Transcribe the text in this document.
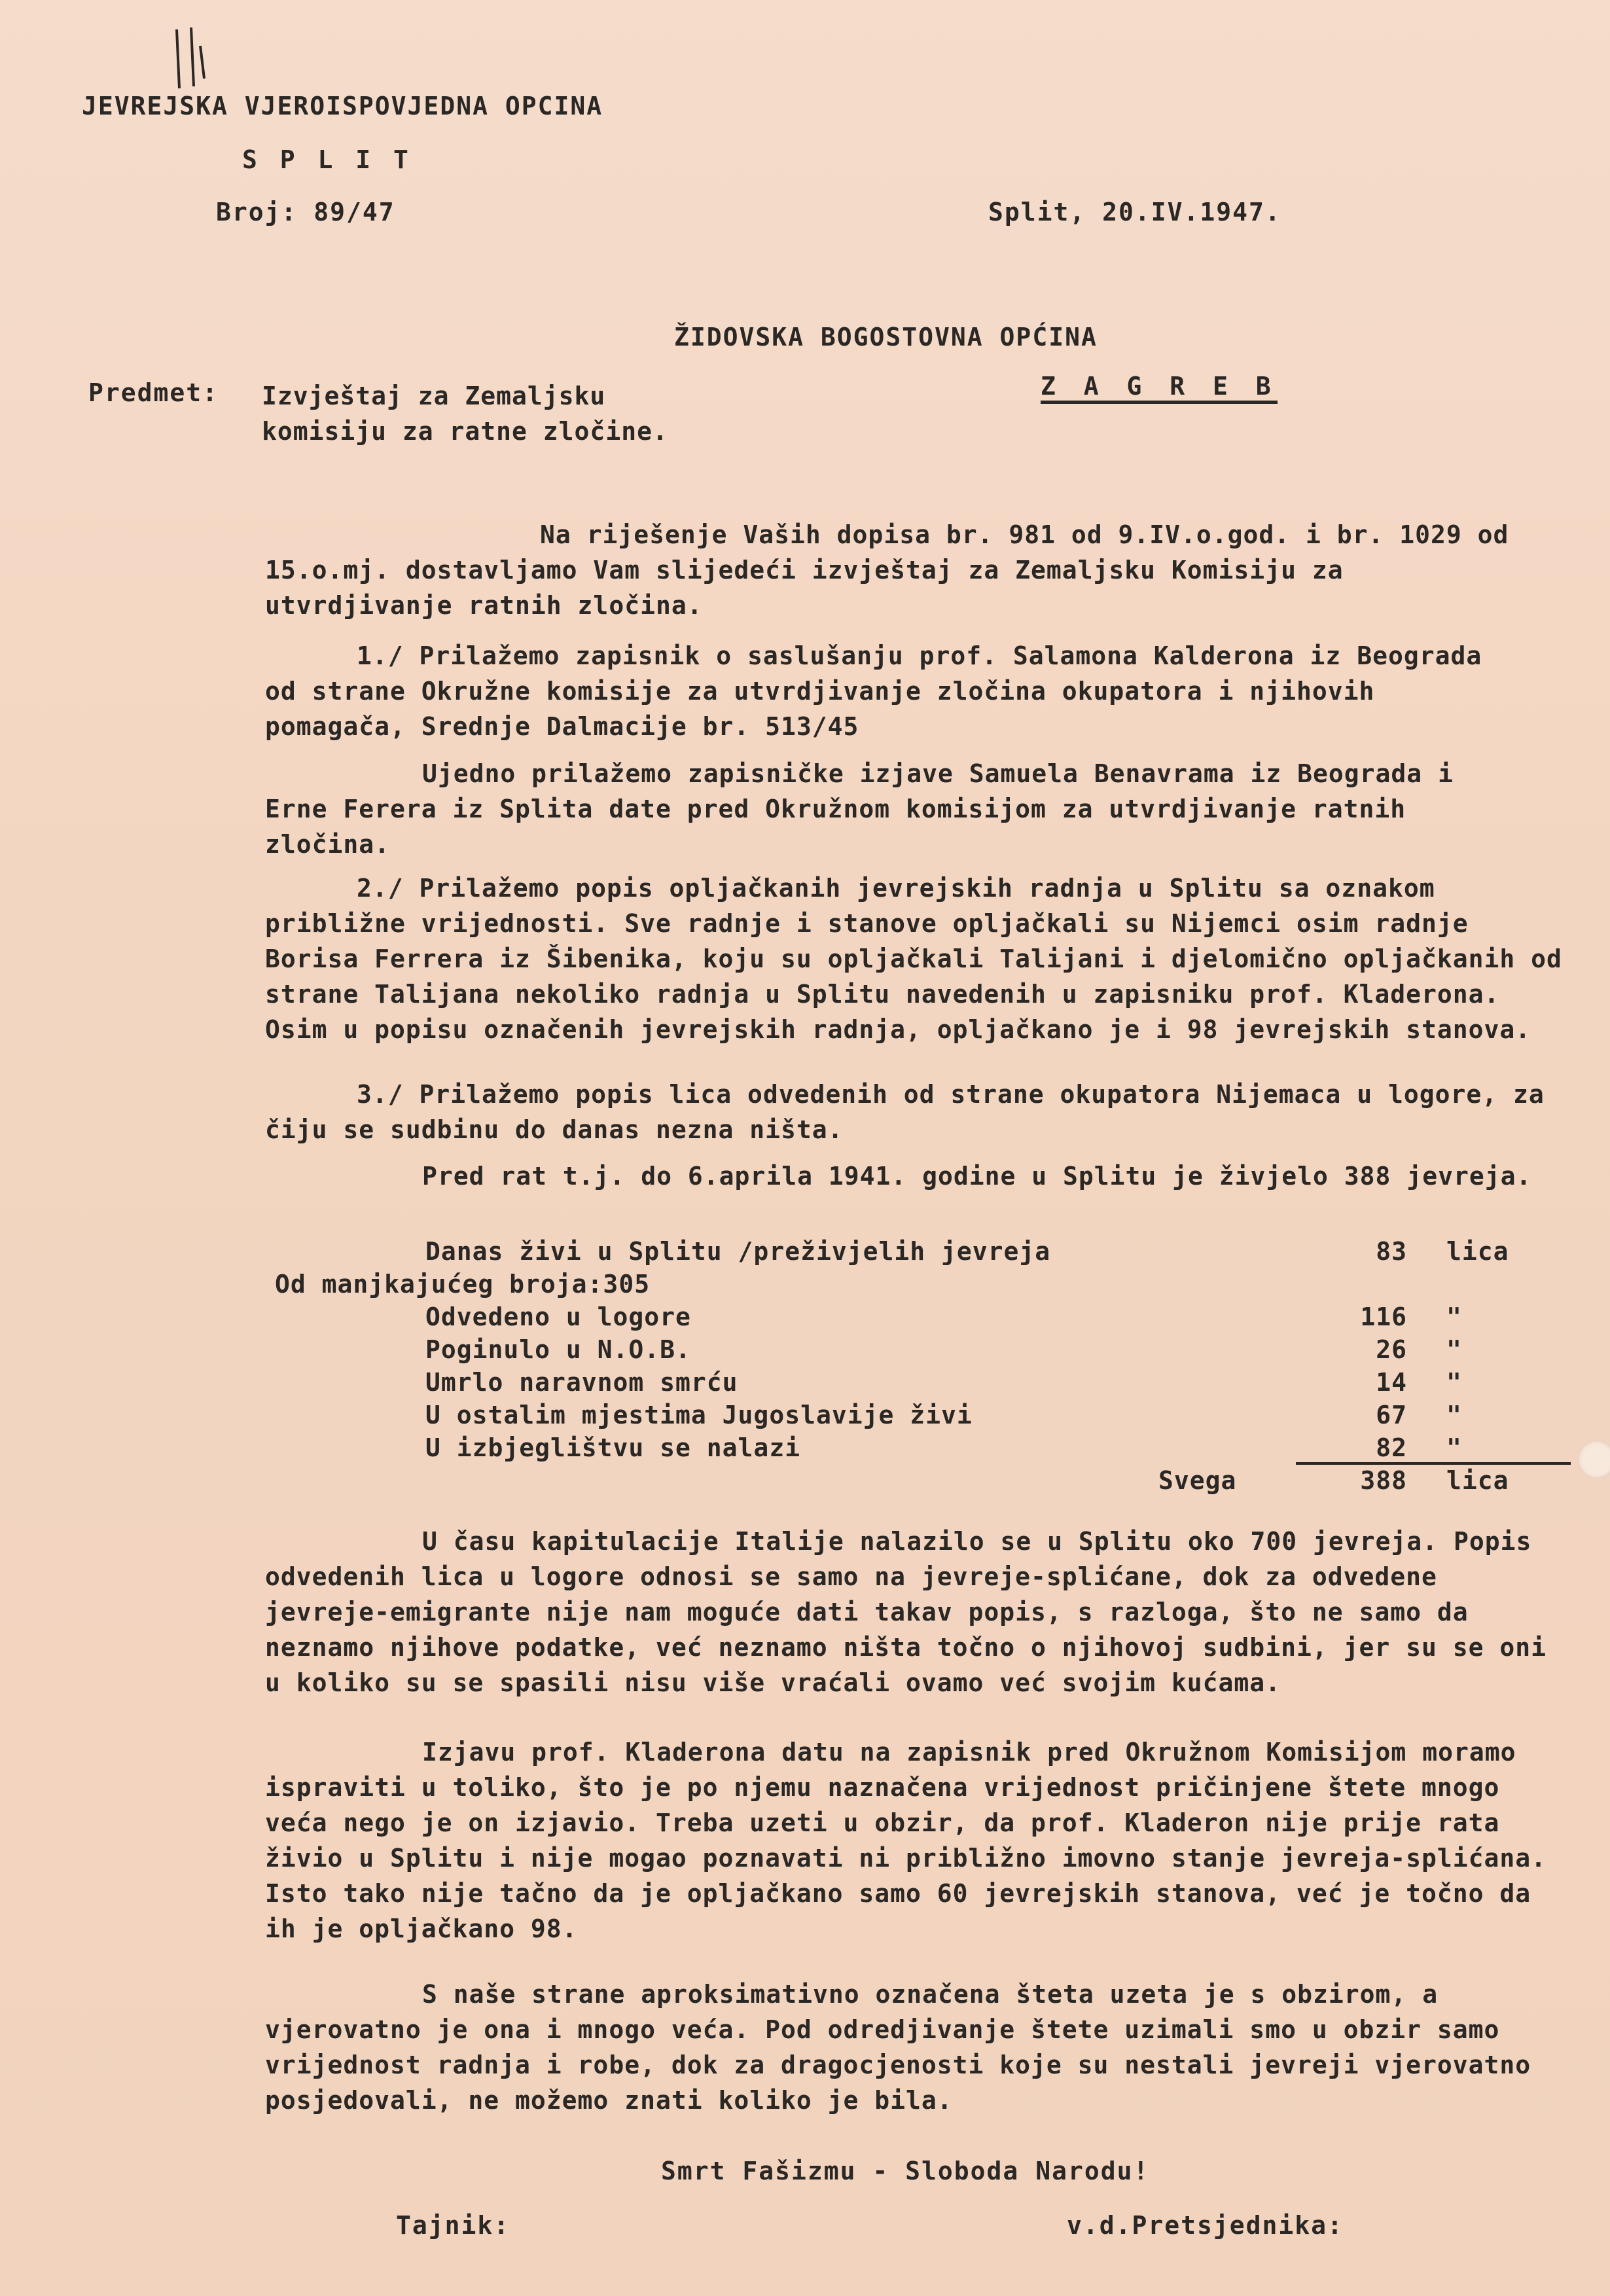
JEVREJSKA VJEROISPOVJEDNA OPCINA
S P L I T
Broj: 89/47	Split, 20.IV.1947.
ŽIDOVSKA BOGOSTOVNA OPĆINA
Z A G R E B
Predmet: Izvještaj za Zemaljsku komisiju za ratne zločine.
Na riješenje Vaših dopisa br. 981 od 9.IV.o.god. i br. 1029 od 15.o.mj. dostavljamo Vam slijedeći izvještaj za Zemaljsku Komisiju za utvrdjivanje ratnih zločina.
1./ Prilažemo zapisnik o saslušanju prof. Salamona Kalderona iz Beograda od strane Okružne komisije za utvrdjivanje zločina okupatora i njihovih pomagača, Srednje Dalmacije br. 513/45
Ujedno prilažemo zapisničke izjave Samuela Benavrama iz Beograda i Erne Ferera iz Splita date pred Okružnom komisijom za utvrdjivanje ratnih zločina.
2./ Prilažemo popis opljačkanih jevrejskih radnja u Splitu sa oznakom približne vrijednosti. Sve radnje i stanove opljačkali su Nijemci osim radnje Borisa Ferrera iz Šibenika, koju su opljačkali Talijani i djelomično opljačkanih od strane Talijana nekoliko radnja u Splitu navedenih u zapisniku prof. Kladerona. Osim u popisu označenih jevrejskih radnja, opljačkano je i 98 jevrejskih stanova.
3./ Prilažemo popis lica odvedenih od strane okupatora Nijemaca u logore, za čiju se sudbinu do danas nezna ništa.
Pred rat t.j. do 6.aprila 1941. godine u Splitu je živjelo 388 jevreja.
Danas živi u Splitu /preživjelih jevreja	83 lica
Od manjkajućeg broja:305
Odvedeno u logore	116 "
Poginulo u N.O.B.	26 "
Umrlo naravnom smrću	14 "
U ostalim mjestima Jugoslavije živi	67 "
U izbjeglištvu se nalazi	82 "
Svega	388 lica
U času kapitulacije Italije nalazilo se u Splitu oko 700 jevreja. Popis odvedenih lica u logore odnosi se samo na jevreje-splićane, dok za odvedene jevreje-emigrante nije nam moguće dati takav popis, s razloga, što ne samo da neznamo njihove podatke, već neznamo ništa točno o njihovoj sudbini, jer su se oni u koliko su se spasili nisu više vraćali ovamo već svojim kućama.
Izjavu prof. Kladerona datu na zapisnik pred Okružnom Komisijom moramo ispraviti u toliko, što je po njemu naznačena vrijednost pričinjene štete mnogo veća nego je on izjavio. Treba uzeti u obzir, da prof. Kladeron nije prije rata živio u Splitu i nije mogao poznavati ni približno imovno stanje jevreja-splićana. Isto tako nije tačno da je opljačkano samo 60 jevrejskih stanova, već je točno da ih je opljačkano 98.
S naše strane aproksimativno označena šteta uzeta je s obzirom, a vjerovatno je ona i mnogo veća. Pod odredjivanje štete uzimali smo u obzir samo vrijednost radnja i robe, dok za dragocjenosti koje su nestali jevreji vjerovatno posjedovali, ne možemo znati koliko je bila.
Smrt Fašizmu - Sloboda Narodu!
Tajnik:	v.d.Pretsjednika:
